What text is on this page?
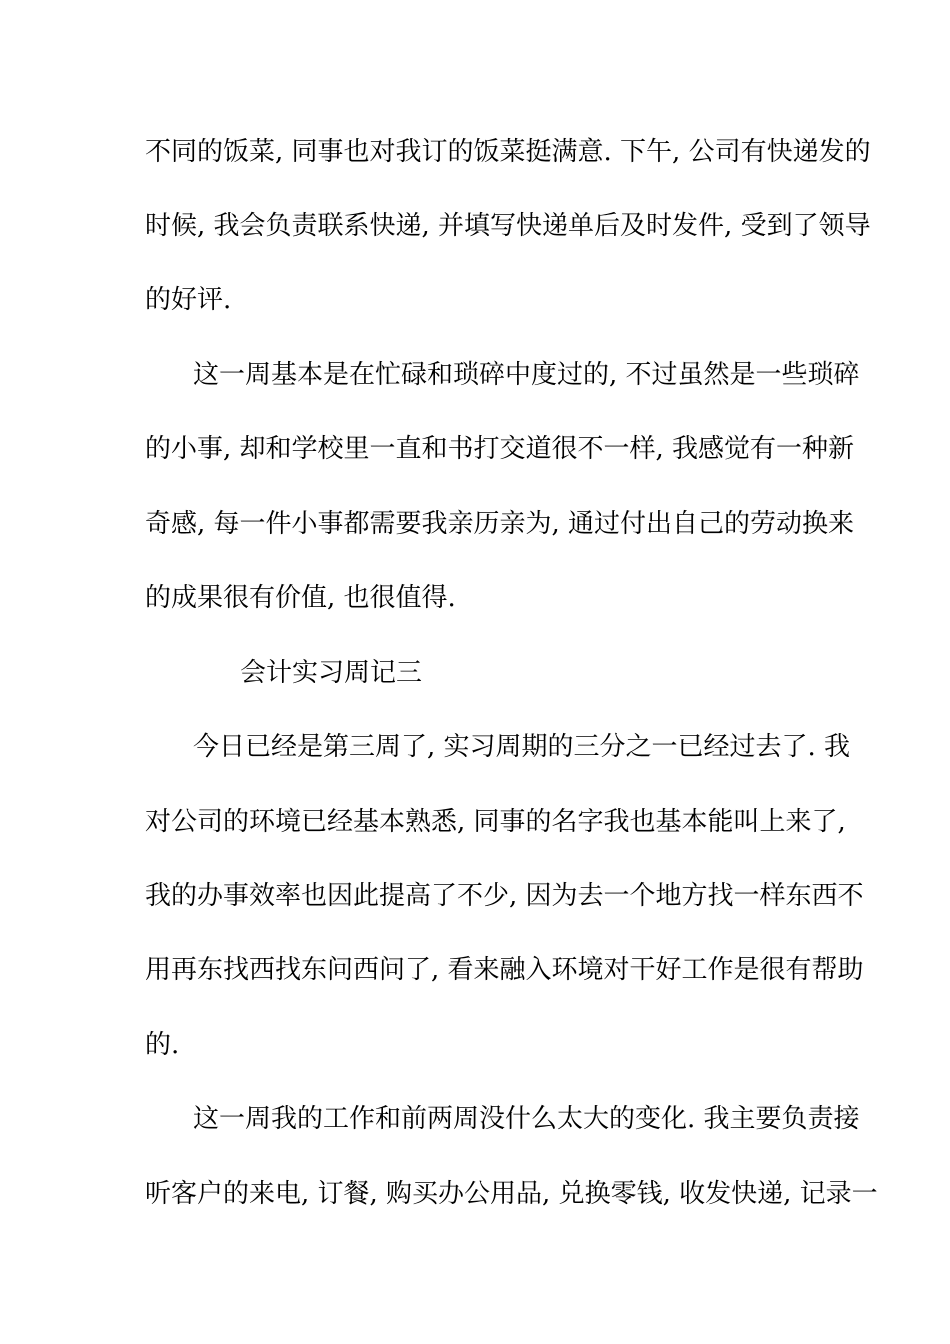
不同的饭菜, 同事也对我订的饭菜挺满意. 下午, 公司有快递发的
时候, 我会负责联系快递, 并填写快递单后及时发件, 受到了领导
的好评.
这一周基本是在忙碌和琐碎中度过的, 不过虽然是一些琐碎
的小事, 却和学校里一直和书打交道很不一样, 我感觉有一种新
奇感, 每一件小事都需要我亲历亲为, 通过付出自己的劳动换来
的成果很有价值, 也很值得.
会计实习周记三
今日已经是第三周了, 实习周期的三分之一已经过去了. 我
对公司的环境已经基本熟悉, 同事的名字我也基本能叫上来了,
我的办事效率也因此提高了不少, 因为去一个地方找一样东西不
用再东找西找东问西问了, 看来融入环境对干好工作是很有帮助
的.
这一周我的工作和前两周没什么太大的变化. 我主要负责接
听客户的来电, 订餐, 购买办公用品, 兑换零钱, 收发快递, 记录一
